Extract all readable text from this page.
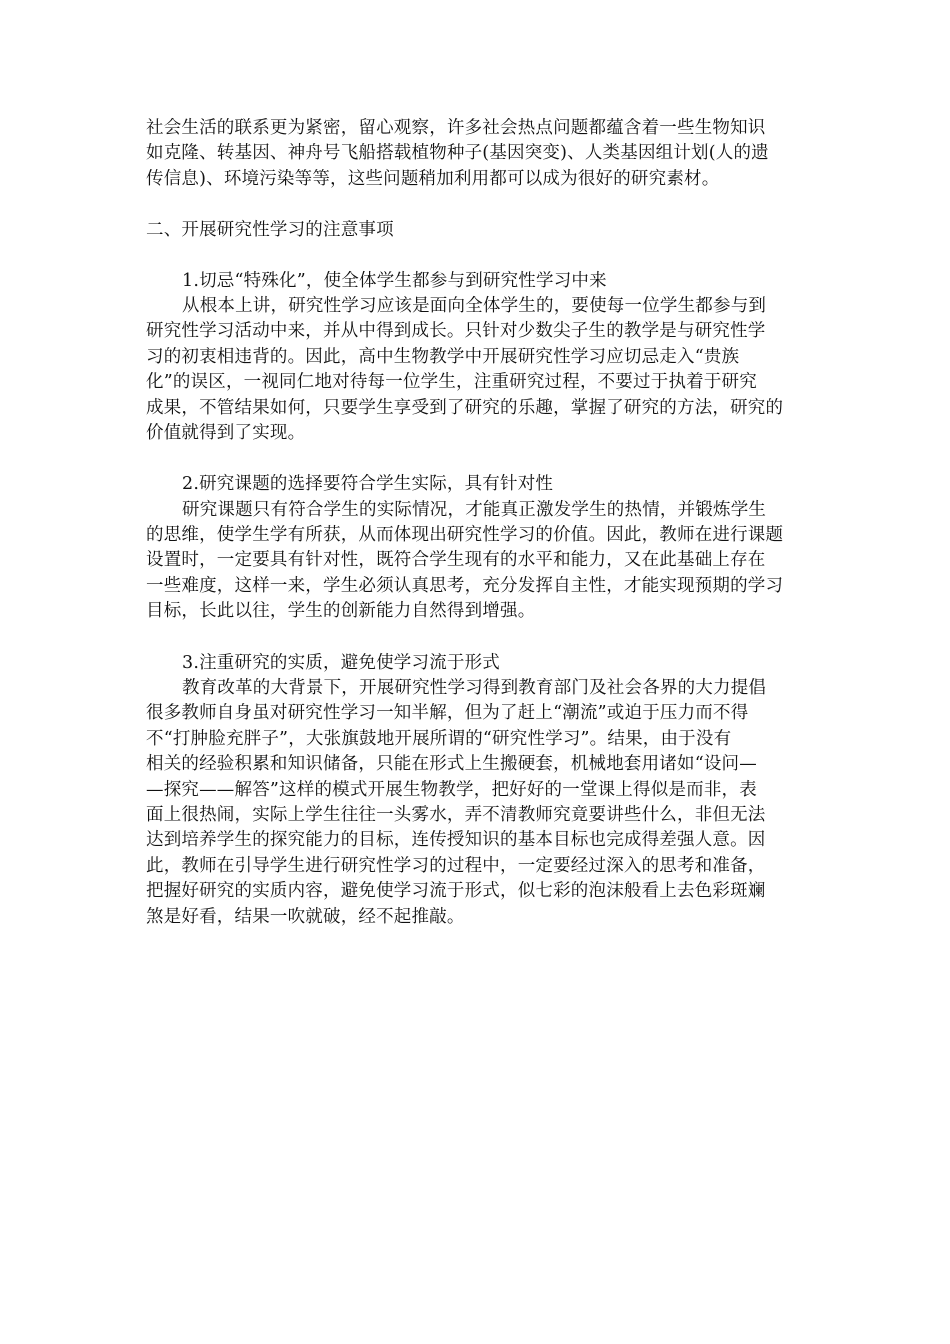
社会生活的联系更为紧密，留心观察，许多社会热点问题都蕴含着一些生物知识
如克隆、转基因、神舟号飞船搭载植物种子(基因突变)、人类基因组计划(人的遗
传信息)、环境污染等等，这些问题稍加利用都可以成为很好的研究素材。
二、开展研究性学习的注意事项
1.切忌“特殊化”，使全体学生都参与到研究性学习中来
从根本上讲，研究性学习应该是面向全体学生的，要使每一位学生都参与到
研究性学习活动中来，并从中得到成长。只针对少数尖子生的教学是与研究性学
习的初衷相违背的。因此，高中生物教学中开展研究性学习应切忌走入“贵族
化”的误区，一视同仁地对待每一位学生，注重研究过程，不要过于执着于研究
成果，不管结果如何，只要学生享受到了研究的乐趣，掌握了研究的方法，研究的
价值就得到了实现。
2.研究课题的选择要符合学生实际，具有针对性
研究课题只有符合学生的实际情况，才能真正激发学生的热情，并锻炼学生
的思维，使学生学有所获，从而体现出研究性学习的价值。因此，教师在进行课题
设置时，一定要具有针对性，既符合学生现有的水平和能力，又在此基础上存在
一些难度，这样一来，学生必须认真思考，充分发挥自主性，才能实现预期的学习
目标，长此以往，学生的创新能力自然得到增强。
3.注重研究的实质，避免使学习流于形式
教育改革的大背景下，开展研究性学习得到教育部门及社会各界的大力提倡
很多教师自身虽对研究性学习一知半解，但为了赶上“潮流”或迫于压力而不得
不“打肿脸充胖子”，大张旗鼓地开展所谓的“研究性学习”。结果，由于没有
相关的经验积累和知识储备，只能在形式上生搬硬套，机械地套用诸如“设问—
—探究——解答”这样的模式开展生物教学，把好好的一堂课上得似是而非，表
面上很热闹，实际上学生往往一头雾水，弄不清教师究竟要讲些什么，非但无法
达到培养学生的探究能力的目标，连传授知识的基本目标也完成得差强人意。因
此，教师在引导学生进行研究性学习的过程中，一定要经过深入的思考和准备，
把握好研究的实质内容，避免使学习流于形式，似七彩的泡沫般看上去色彩斑斓
煞是好看，结果一吹就破，经不起推敲。
